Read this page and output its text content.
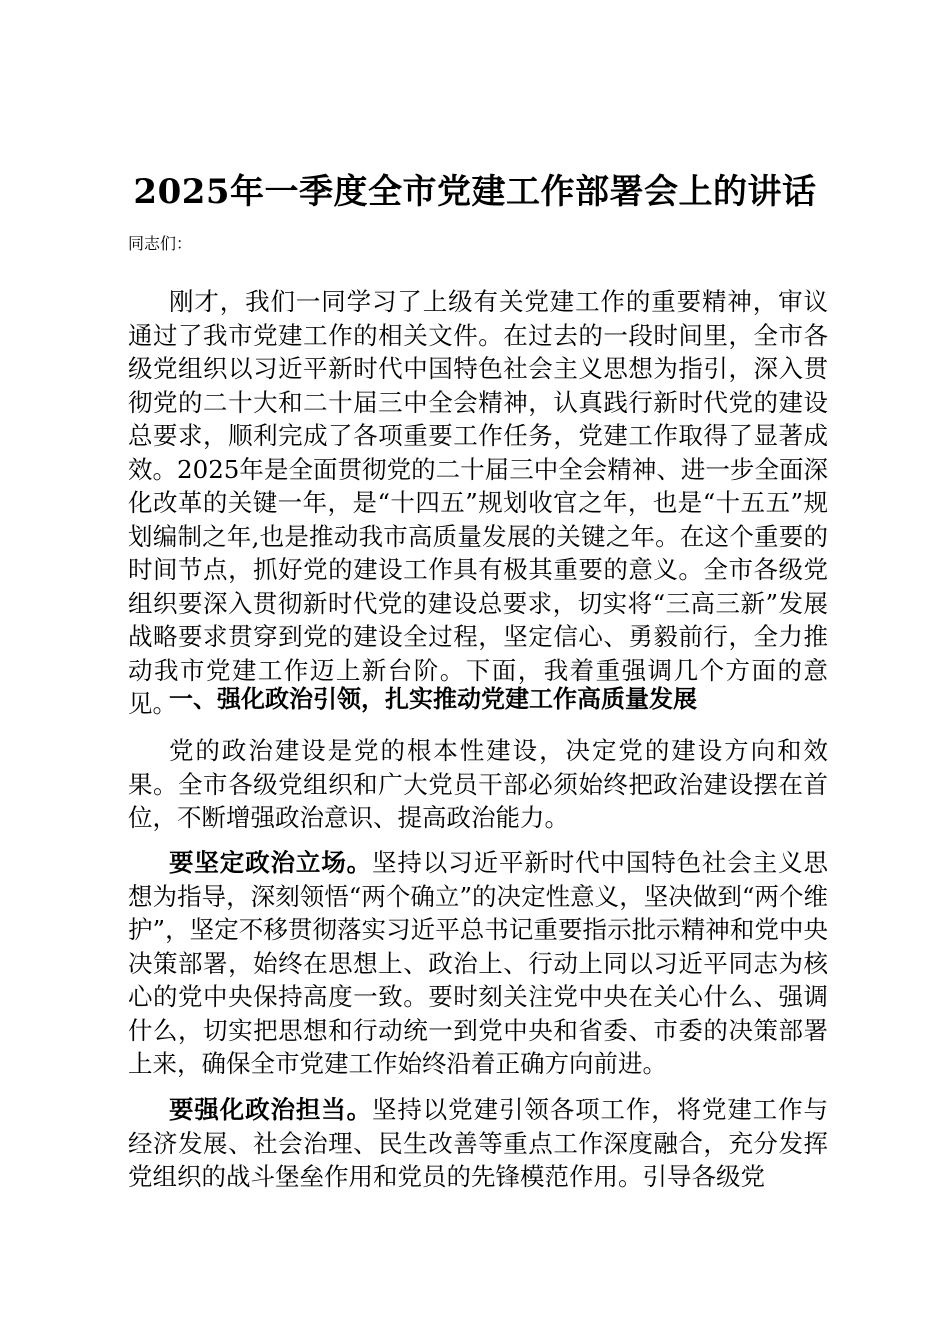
2025年一季度全市党建工作部署会上的讲话
同志们：

刚才，我们一同学习了上级有关党建工作的重要精神，审议通过了我市党建工作的相关文件。在过去的一段时间里，全市各级党组织以习近平新时代中国特色社会主义思想为指引，深入贯彻党的二十大和二十届三中全会精神，认真践行新时代党的建设总要求，顺利完成了各项重要工作任务，党建工作取得了显著成效。2025年是全面贯彻党的二十届三中全会精神、进一步全面深化改革的关键一年，是“十四五”规划收官之年，也是“十五五”规划编制之年,也是推动我市高质量发展的关键之年。在这个重要的时间节点，抓好党的建设工作具有极其重要的意义。全市各级党组织要深入贯彻新时代党的建设总要求，切实将“三高三新”发展战略要求贯穿到党的建设全过程，坚定信心、勇毅前行，全力推动我市党建工作迈上新台阶。下面，我着重强调几个方面的意见。

一、强化政治引领，扎实推动党建工作高质量发展

党的政治建设是党的根本性建设，决定党的建设方向和效果。全市各级党组织和广大党员干部必须始终把政治建设摆在首位，不断增强政治意识、提高政治能力。

要坚定政治立场。坚持以习近平新时代中国特色社会主义思想为指导，深刻领悟“两个确立”的决定性意义，坚决做到“两个维护”，坚定不移贯彻落实习近平总书记重要指示批示精神和党中央决策部署，始终在思想上、政治上、行动上同以习近平同志为核心的党中央保持高度一致。要时刻关注党中央在关心什么、强调什么，切实把思想和行动统一到党中央和省委、市委的决策部署上来，确保全市党建工作始终沿着正确方向前进。

要强化政治担当。坚持以党建引领各项工作，将党建工作与经济发展、社会治理、民生改善等重点工作深度融合，充分发挥党组织的战斗堡垒作用和党员的先锋模范作用。引导各级党
